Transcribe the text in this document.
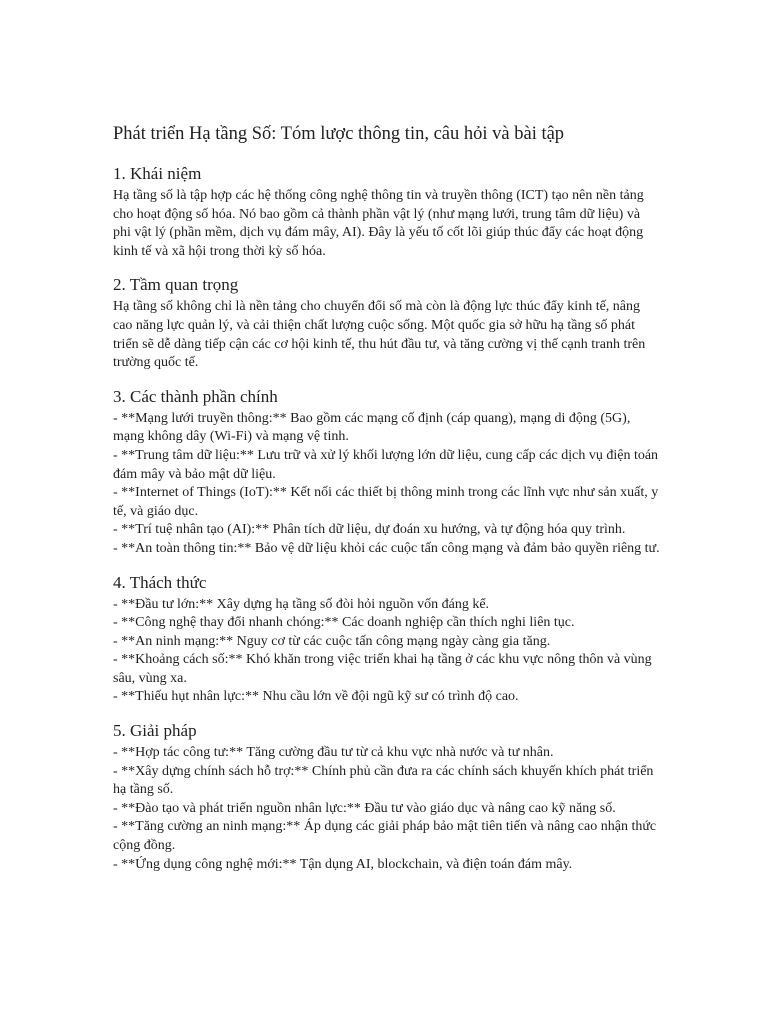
Phát triển Hạ tầng Số: Tóm lược thông tin, câu hỏi và bài tập
1. Khái niệm

Hạ tầng số là tập hợp các hệ thống công nghệ thông tin và truyền thông (ICT) tạo nên nền tảng cho hoạt động số hóa. Nó bao gồm cả thành phần vật lý (như mạng lưới, trung tâm dữ liệu) và phi vật lý (phần mềm, dịch vụ đám mây, AI). Đây là yếu tố cốt lõi giúp thúc đẩy các hoạt động kinh tế và xã hội trong thời kỳ số hóa.

2. Tầm quan trọng

Hạ tầng số không chỉ là nền tảng cho chuyển đổi số mà còn là động lực thúc đẩy kinh tế, nâng cao năng lực quản lý, và cải thiện chất lượng cuộc sống. Một quốc gia sở hữu hạ tầng số phát triển sẽ dễ dàng tiếp cận các cơ hội kinh tế, thu hút đầu tư, và tăng cường vị thế cạnh tranh trên trường quốc tế.

3. Các thành phần chính

- **Mạng lưới truyền thông:** Bao gồm các mạng cố định (cáp quang), mạng di động (5G), mạng không dây (Wi-Fi) và mạng vệ tinh.

- **Trung tâm dữ liệu:** Lưu trữ và xử lý khối lượng lớn dữ liệu, cung cấp các dịch vụ điện toán đám mây và bảo mật dữ liệu.

- **Internet of Things (IoT):** Kết nối các thiết bị thông minh trong các lĩnh vực như sản xuất, y tế, và giáo dục.

- **Trí tuệ nhân tạo (AI):** Phân tích dữ liệu, dự đoán xu hướng, và tự động hóa quy trình.

- **An toàn thông tin:** Bảo vệ dữ liệu khỏi các cuộc tấn công mạng và đảm bảo quyền riêng tư.

4. Thách thức

- **Đầu tư lớn:** Xây dựng hạ tầng số đòi hỏi nguồn vốn đáng kể.

- **Công nghệ thay đổi nhanh chóng:** Các doanh nghiệp cần thích nghi liên tục.

- **An ninh mạng:** Nguy cơ từ các cuộc tấn công mạng ngày càng gia tăng.

- **Khoảng cách số:** Khó khăn trong việc triển khai hạ tầng ở các khu vực nông thôn và vùng sâu, vùng xa.

- **Thiếu hụt nhân lực:** Nhu cầu lớn về đội ngũ kỹ sư có trình độ cao.

5. Giải pháp

- **Hợp tác công tư:** Tăng cường đầu tư từ cả khu vực nhà nước và tư nhân.

- **Xây dựng chính sách hỗ trợ:** Chính phủ cần đưa ra các chính sách khuyến khích phát triển hạ tầng số.

- **Đào tạo và phát triển nguồn nhân lực:** Đầu tư vào giáo dục và nâng cao kỹ năng số.

- **Tăng cường an ninh mạng:** Áp dụng các giải pháp bảo mật tiên tiến và nâng cao nhận thức cộng đồng.

- **Ứng dụng công nghệ mới:** Tận dụng AI, blockchain, và điện toán đám mây.
